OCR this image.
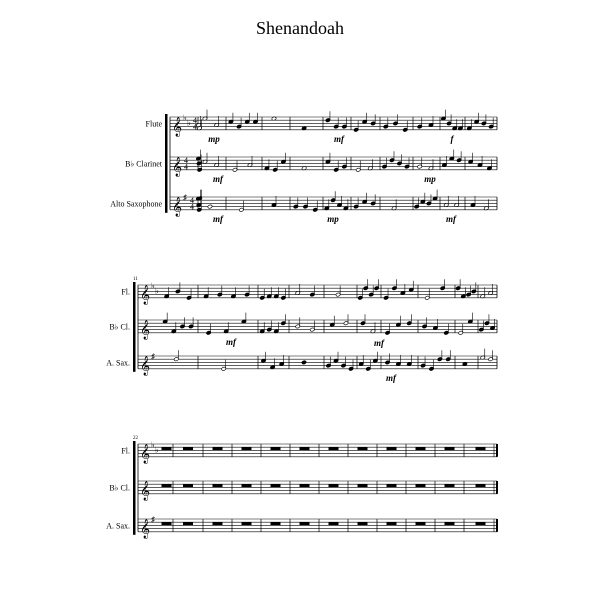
Shenandoah
𝄞
𝄞
𝄞
Flute
♭
♭ 4
4
B♭ Clarinet	4
4
Alto Saxophone
♯ 4
4
𝄞
𝄞
𝄞
11
Fl.
♭
♭
B♭ Cl.
A. Sax.
♯
𝄞
𝄞
𝄞
22
Fl.
♭
♭
B♭ Cl.
A. Sax.
♯
mp	mf	f
mf	mp
mf	mp	mf
mf	mf
mf
